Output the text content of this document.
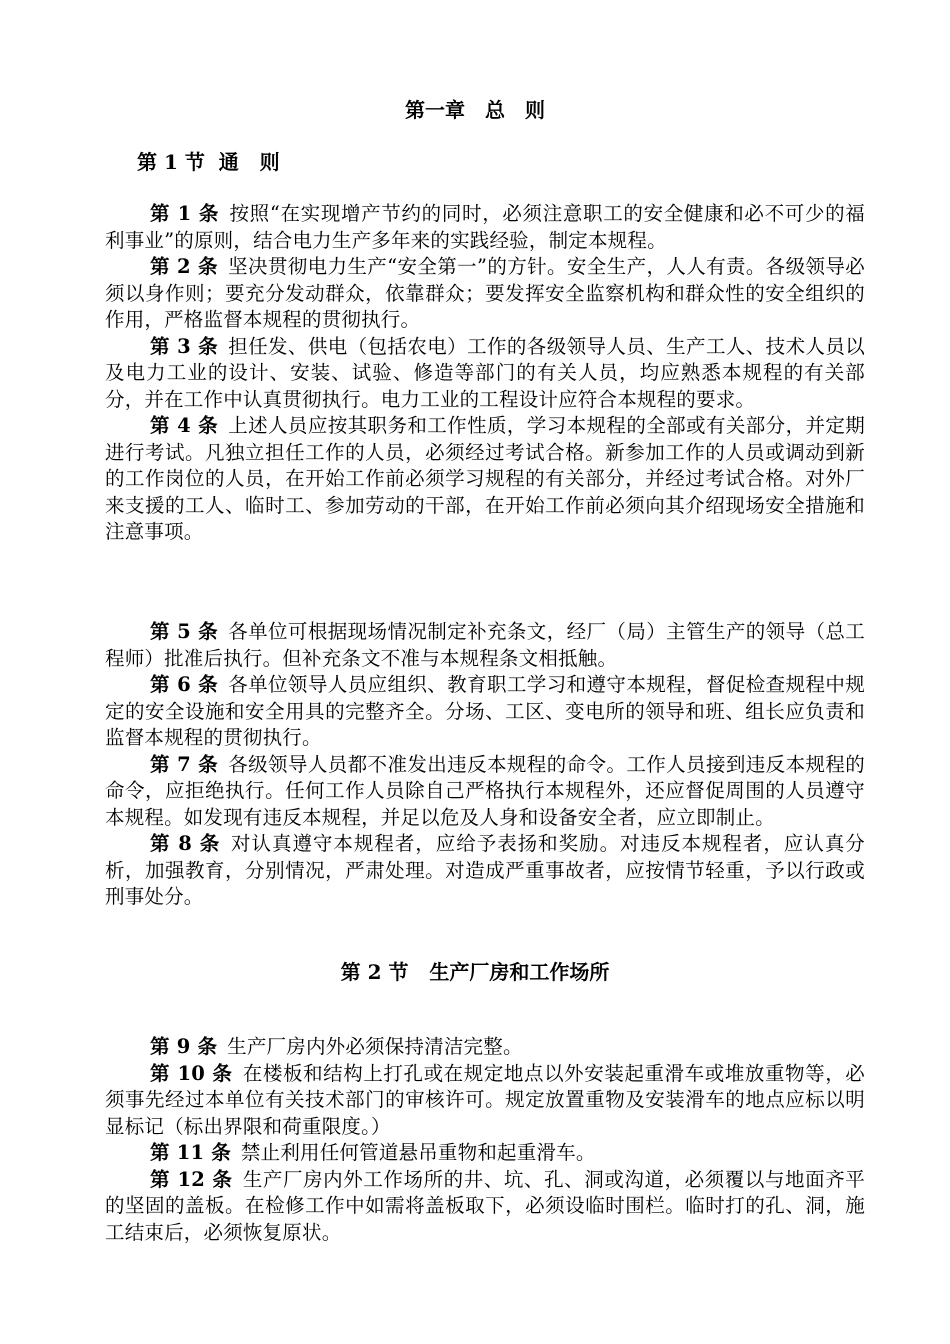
第一章　总　则
第 1 节  通   则

第 1 条 按照“在实现增产节约的同时，必须注意职工的安全健康和必不可少的福利事业”的原则，结合电力生产多年来的实践经验，制定本规程。

第 2 条 坚决贯彻电力生产“安全第一”的方针。安全生产，人人有责。各级领导必须以身作则；要充分发动群众，依靠群众；要发挥安全监察机构和群众性的安全组织的作用，严格监督本规程的贯彻执行。

第 3 条 担任发、供电（包括农电）工作的各级领导人员、生产工人、技术人员以及电力工业的设计、安装、试验、修造等部门的有关人员，均应熟悉本规程的有关部分，并在工作中认真贯彻执行。电力工业的工程设计应符合本规程的要求。

第 4 条 上述人员应按其职务和工作性质，学习本规程的全部或有关部分，并定期进行考试。凡独立担任工作的人员，必须经过考试合格。新参加工作的人员或调动到新的工作岗位的人员，在开始工作前必须学习规程的有关部分，并经过考试合格。对外厂来支援的工人、临时工、参加劳动的干部，在开始工作前必须向其介绍现场安全措施和注意事项。

第 5 条 各单位可根据现场情况制定补充条文，经厂（局）主管生产的领导（总工程师）批准后执行。但补充条文不准与本规程条文相抵触。

第 6 条 各单位领导人员应组织、教育职工学习和遵守本规程，督促检查规程中规定的安全设施和安全用具的完整齐全。分场、工区、变电所的领导和班、组长应负责和监督本规程的贯彻执行。

第 7 条 各级领导人员都不准发出违反本规程的命令。工作人员接到违反本规程的命令，应拒绝执行。任何工作人员除自己严格执行本规程外，还应督促周围的人员遵守本规程。如发现有违反本规程，并足以危及人身和设备安全者，应立即制止。

第 8 条 对认真遵守本规程者，应给予表扬和奖励。对违反本规程者，应认真分析，加强教育，分别情况，严肃处理。对造成严重事故者，应按情节轻重，予以行政或刑事处分。

第 2 节   生产厂房和工作场所

第 9 条 生产厂房内外必须保持清洁完整。

第 10 条 在楼板和结构上打孔或在规定地点以外安装起重滑车或堆放重物等，必须事先经过本单位有关技术部门的审核许可。规定放置重物及安装滑车的地点应标以明显标记（标出界限和荷重限度。）

第 11 条 禁止利用任何管道悬吊重物和起重滑车。

第 12 条 生产厂房内外工作场所的井、坑、孔、洞或沟道，必须覆以与地面齐平的坚固的盖板。在检修工作中如需将盖板取下，必须设临时围栏。临时打的孔、洞，施工结束后，必须恢复原状。
